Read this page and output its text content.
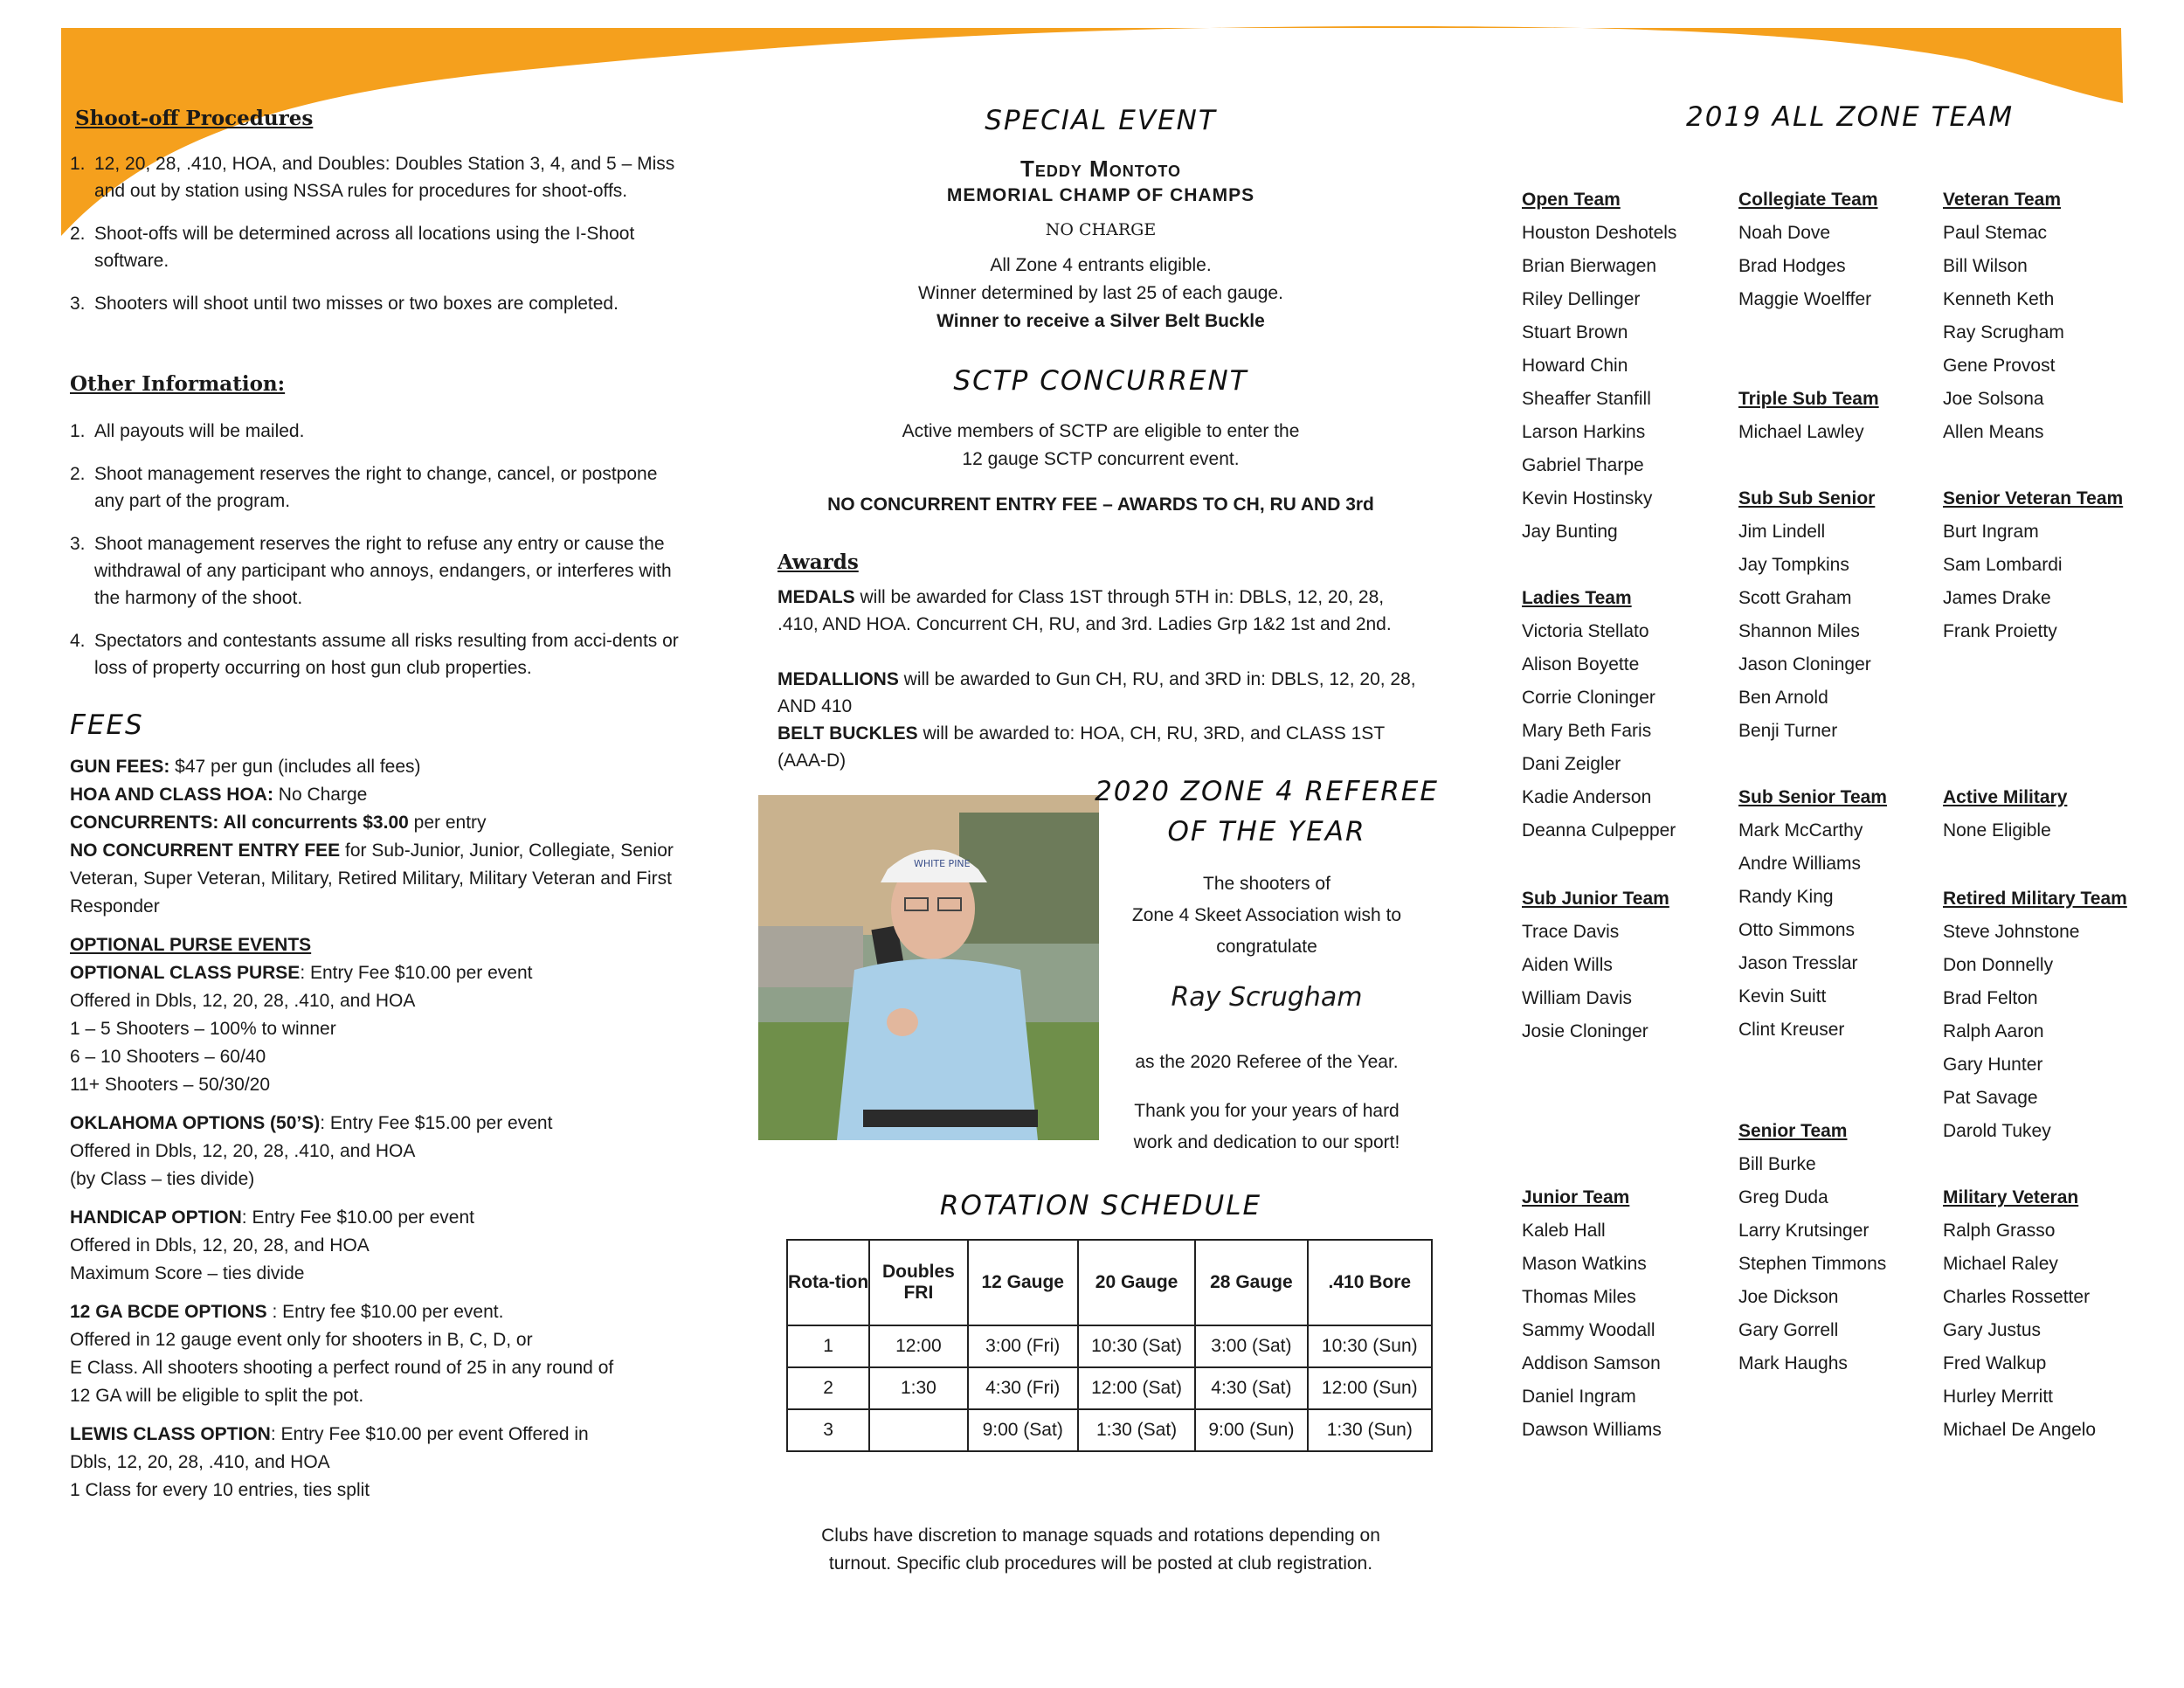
Shoot-off Procedures
1. 12, 20, 28, .410, HOA, and Doubles: Doubles Station 3, 4, and 5 – Miss and out by station using NSSA rules for procedures for shoot-offs.
2. Shoot-offs will be determined across all locations using the I-Shoot software.
3. Shooters will shoot until two misses or two boxes are completed.
Other Information:
1. All payouts will be mailed.
2. Shoot management reserves the right to change, cancel, or postpone any part of the program.
3. Shoot management reserves the right to refuse any entry or cause the withdrawal of any participant who annoys, endangers, or interferes with the harmony of the shoot.
4. Spectators and contestants assume all risks resulting from acci-dents or loss of property occurring on host gun club properties.
FEES
GUN FEES: $47 per gun (includes all fees)
HOA AND CLASS HOA: No Charge
CONCURRENTS: All concurrents $3.00 per entry
NO CONCURRENT ENTRY FEE for Sub-Junior, Junior, Collegiate, Senior Veteran, Super Veteran, Military, Retired Military, Military Veteran and First Responder
OPTIONAL PURSE EVENTS
OPTIONAL CLASS PURSE: Entry Fee $10.00 per event
Offered in Dbls, 12, 20, 28, .410, and HOA
1 – 5 Shooters – 100% to winner
6 – 10 Shooters – 60/40
11+ Shooters – 50/30/20
OKLAHOMA OPTIONS (50’S): Entry Fee $15.00 per event
Offered in Dbls, 12, 20, 28, .410, and HOA
(by Class – ties divide)
HANDICAP OPTION: Entry Fee $10.00 per event
Offered in Dbls, 12, 20, 28, and HOA
Maximum Score – ties divide
12 GA BCDE OPTIONS : Entry fee $10.00 per event.
Offered in 12 gauge event only for shooters in B, C, D, or
E Class. All shooters shooting a perfect round of 25 in any round of
12 GA will be eligible to split the pot.
LEWIS CLASS OPTION: Entry Fee $10.00 per event Offered in
Dbls, 12, 20, 28, .410, and HOA
1 Class for every 10 entries, ties split
SPECIAL EVENT
Teddy Montoto
MEMORIAL CHAMP OF CHAMPS
NO CHARGE
All Zone 4 entrants eligible.
Winner determined by last 25 of each gauge.
Winner to receive a Silver Belt Buckle
SCTP CONCURRENT
Active members of SCTP are eligible to enter the
12 gauge SCTP concurrent event.
NO CONCURRENT ENTRY FEE – AWARDS TO CH, RU AND 3rd
Awards
MEDALS will be awarded for Class 1ST through 5TH in: DBLS, 12, 20, 28, .410, AND HOA. Concurrent CH, RU, and 3rd. Ladies Grp 1&2 1st and 2nd.
MEDALLIONS will be awarded to Gun CH, RU, and 3RD in: DBLS, 12, 20, 28, AND 410
BELT BUCKLES will be awarded to: HOA, CH, RU, 3RD, and CLASS 1ST (AAA-D)
WHITE PINE
2020 ZONE 4 REFEREE
OF THE YEAR
The shooters of
Zone 4 Skeet Association wish to
congratulate
Ray Scrugham
as the 2020 Referee of the Year.
Thank you for your years of hard
work and dedication to our sport!
ROTATION SCHEDULE
Rota-tion	Doubles FRI	12 Gauge	20 Gauge	28 Gauge	.410 Bore
1	12:00	3:00 (Fri)	10:30 (Sat)	3:00 (Sat)	10:30 (Sun)
2	1:30	4:30 (Fri)	12:00 (Sat)	4:30 (Sat)	12:00 (Sun)
3		9:00 (Sat)	1:30 (Sat)	9:00 (Sun)	1:30 (Sun)
Clubs have discretion to manage squads and rotations depending on
turnout. Specific club procedures will be posted at club registration.
2019 ALL ZONE TEAM
Open Team
Houston Deshotels
Brian Bierwagen
Riley Dellinger
Stuart Brown
Howard Chin
Sheaffer Stanfill
Larson Harkins
Gabriel Tharpe
Kevin Hostinsky
Jay Bunting
Ladies Team
Victoria Stellato
Alison Boyette
Corrie Cloninger
Mary Beth Faris
Dani Zeigler
Kadie Anderson
Deanna Culpepper
Sub Junior Team
Trace Davis
Aiden Wills
William Davis
Josie Cloninger
Junior Team
Kaleb Hall
Mason Watkins
Thomas Miles
Sammy Woodall
Addison Samson
Daniel Ingram
Dawson Williams
Collegiate Team
Noah Dove
Brad Hodges
Maggie Woelffer
Triple Sub Team
Michael Lawley
Sub Sub Senior
Jim Lindell
Jay Tompkins
Scott Graham
Shannon Miles
Jason Cloninger
Ben Arnold
Benji Turner
Sub Senior Team
Mark McCarthy
Andre Williams
Randy King
Otto Simmons
Jason Tresslar
Kevin Suitt
Clint Kreuser
Senior Team
Bill Burke
Greg Duda
Larry Krutsinger
Stephen Timmons
Joe Dickson
Gary Gorrell
Mark Haughs
Veteran Team
Paul Stemac
Bill Wilson
Kenneth Keth
Ray Scrugham
Gene Provost
Joe Solsona
Allen Means
Senior Veteran Team
Burt Ingram
Sam Lombardi
James Drake
Frank Proietty
Active Military
None Eligible
Retired Military Team
Steve Johnstone
Don Donnelly
Brad Felton
Ralph Aaron
Gary Hunter
Pat Savage
Darold Tukey
Military Veteran
Ralph Grasso
Michael Raley
Charles Rossetter
Gary Justus
Fred Walkup
Hurley Merritt
Michael De Angelo
